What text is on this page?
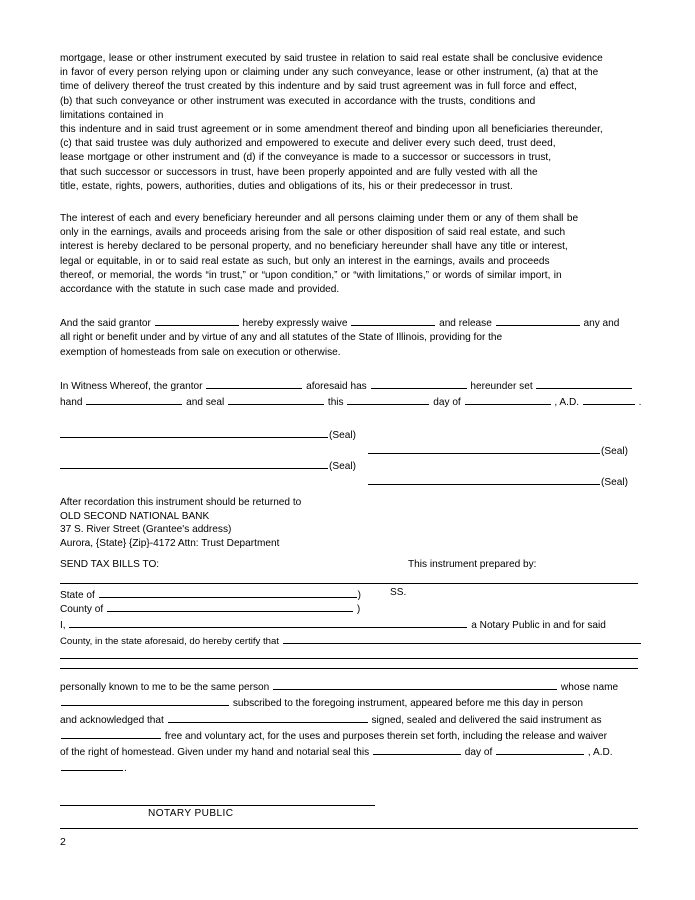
mortgage, lease or other instrument executed by said trustee in relation to said real estate shall be conclusive evidence
in favor of every person relying upon or claiming under any such conveyance, lease or other instrument, (a) that at the
time of delivery thereof the trust created by this indenture and by said trust agreement was in full force and effect,
(b) that such conveyance or other instrument was executed in accordance with the trusts, conditions and
limitations contained in
this indenture and in said trust agreement or in some amendment thereof and binding upon all beneficiaries thereunder,
(c) that said trustee was duly authorized and empowered to execute and deliver every such deed, trust deed,
lease mortgage or other instrument and (d) if the conveyance is made to a successor or successors in trust,
that such successor or successors in trust, have been properly appointed and are fully vested with all the
title, estate, rights, powers, authorities, duties and obligations of its, his or their predecessor in trust.
The interest of each and every beneficiary hereunder and all persons claiming under them or any of them shall be
only in the earnings, avails and proceeds arising from the sale or other disposition of said real estate, and such
interest is hereby declared to be personal property, and no beneficiary hereunder shall have any title or interest,
legal or equitable, in or to said real estate as such, but only an interest in the earnings, avails and proceeds
thereof, or memorial, the words “in trust,” or “upon condition,” or “with limitations,” or words of similar import, in
accordance with the statute in such case made and provided.
And the said grantor	hereby expressly waive	and release	any and
all right or benefit under and by virtue of any and all statutes of the State of Illinois, providing for the
exemption of homesteads from sale on execution or otherwise.
In Witness Whereof, the grantor	aforesaid has	hereunder set
hand	and seal	this	day of	, A.D.	.
(Seal)
(Seal)
(Seal)
(Seal)
After recordation this instrument should be returned to
OLD SECOND NATIONAL BANK
37 S. River Street (Grantee's address)
Aurora, {State} {Zip}-4172 Attn: Trust Department
SEND TAX BILLS TO:	This instrument prepared by:
State of	)	SS.
County of	)
I,	a Notary Public in and for said
County, in the state aforesaid, do hereby certify that
personally known to me to be the same person	whose name
subscribed to the foregoing instrument, appeared before me this day in person
and acknowledged that	signed, sealed and delivered the said instrument as
free and voluntary act, for the uses and purposes therein set forth, including the release and waiver
of the right of homestead. Given under my hand and notarial seal this	day of	, A.D.
.
NOTARY PUBLIC
2
